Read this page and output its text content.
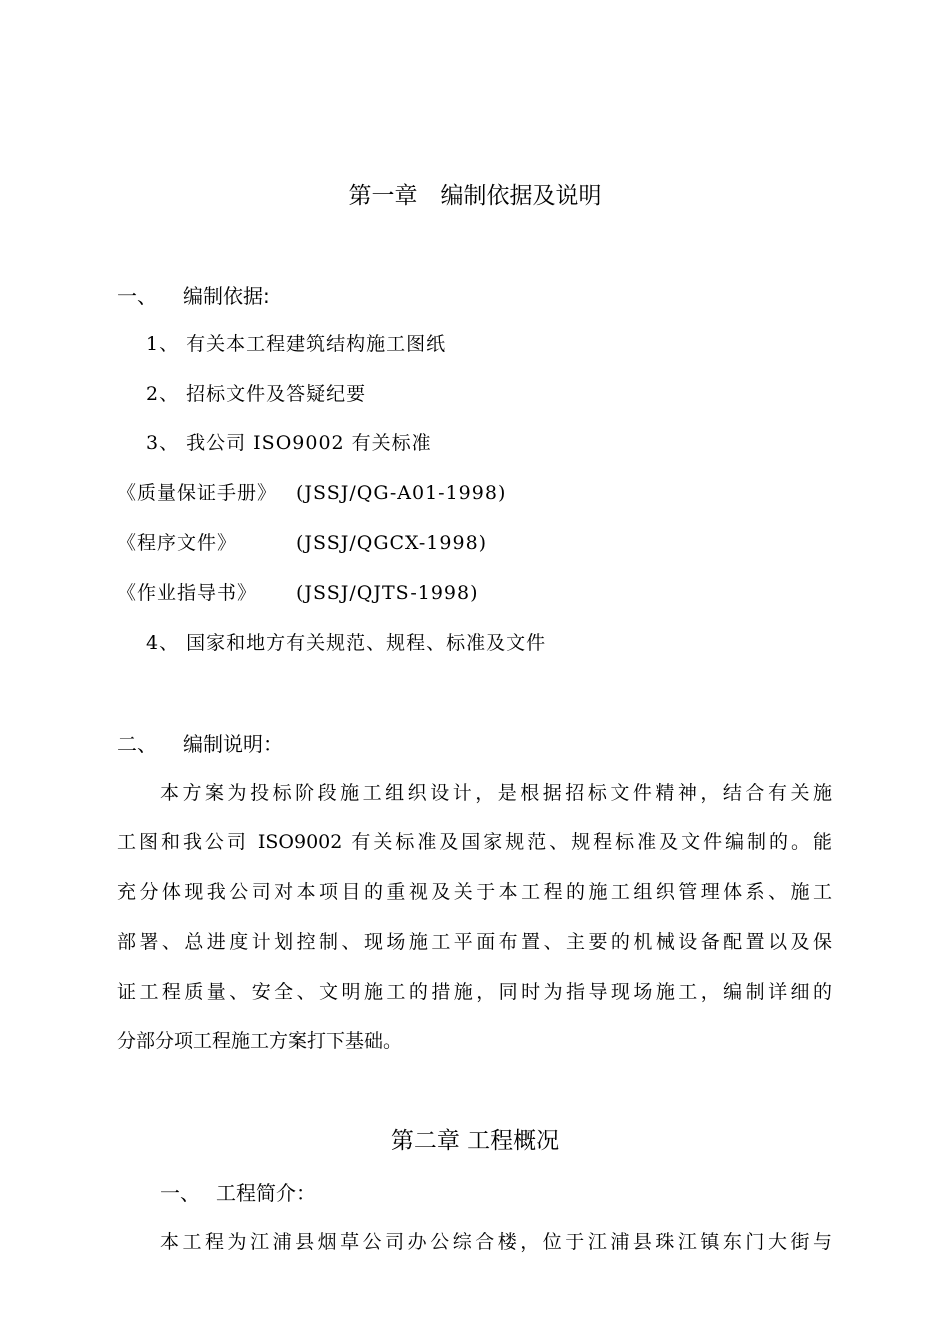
第一章　编制依据及说明
一、 编制依据:
1、 有关本工程建筑结构施工图纸
2、 招标文件及答疑纪要
3、 我公司 ISO9002 有关标准
《质量保证手册》 (JSSJ/QG-A01-1998)
《程序文件》	(JSSJ/QGCX-1998)
《作业指导书》 (JSSJ/QJTS-1998)
4、 国家和地方有关规范、规程、标准及文件
二、 编制说明：
本方案为投标阶段施工组织设计，是根据招标文件精神，结合有关施
工图和我公司 ISO9002 有关标准及国家规范、规程标准及文件编制的。能
充分体现我公司对本项目的重视及关于本工程的施工组织管理体系、施工
部署、总进度计划控制、现场施工平面布置、主要的机械设备配置以及保
证工程质量、安全、文明施工的措施，同时为指导现场施工，编制详细的
分部分项工程施工方案打下基础。
第二章 工程概况
一、 工程简介：
本工程为江浦县烟草公司办公综合楼，位于江浦县珠江镇东门大街与
